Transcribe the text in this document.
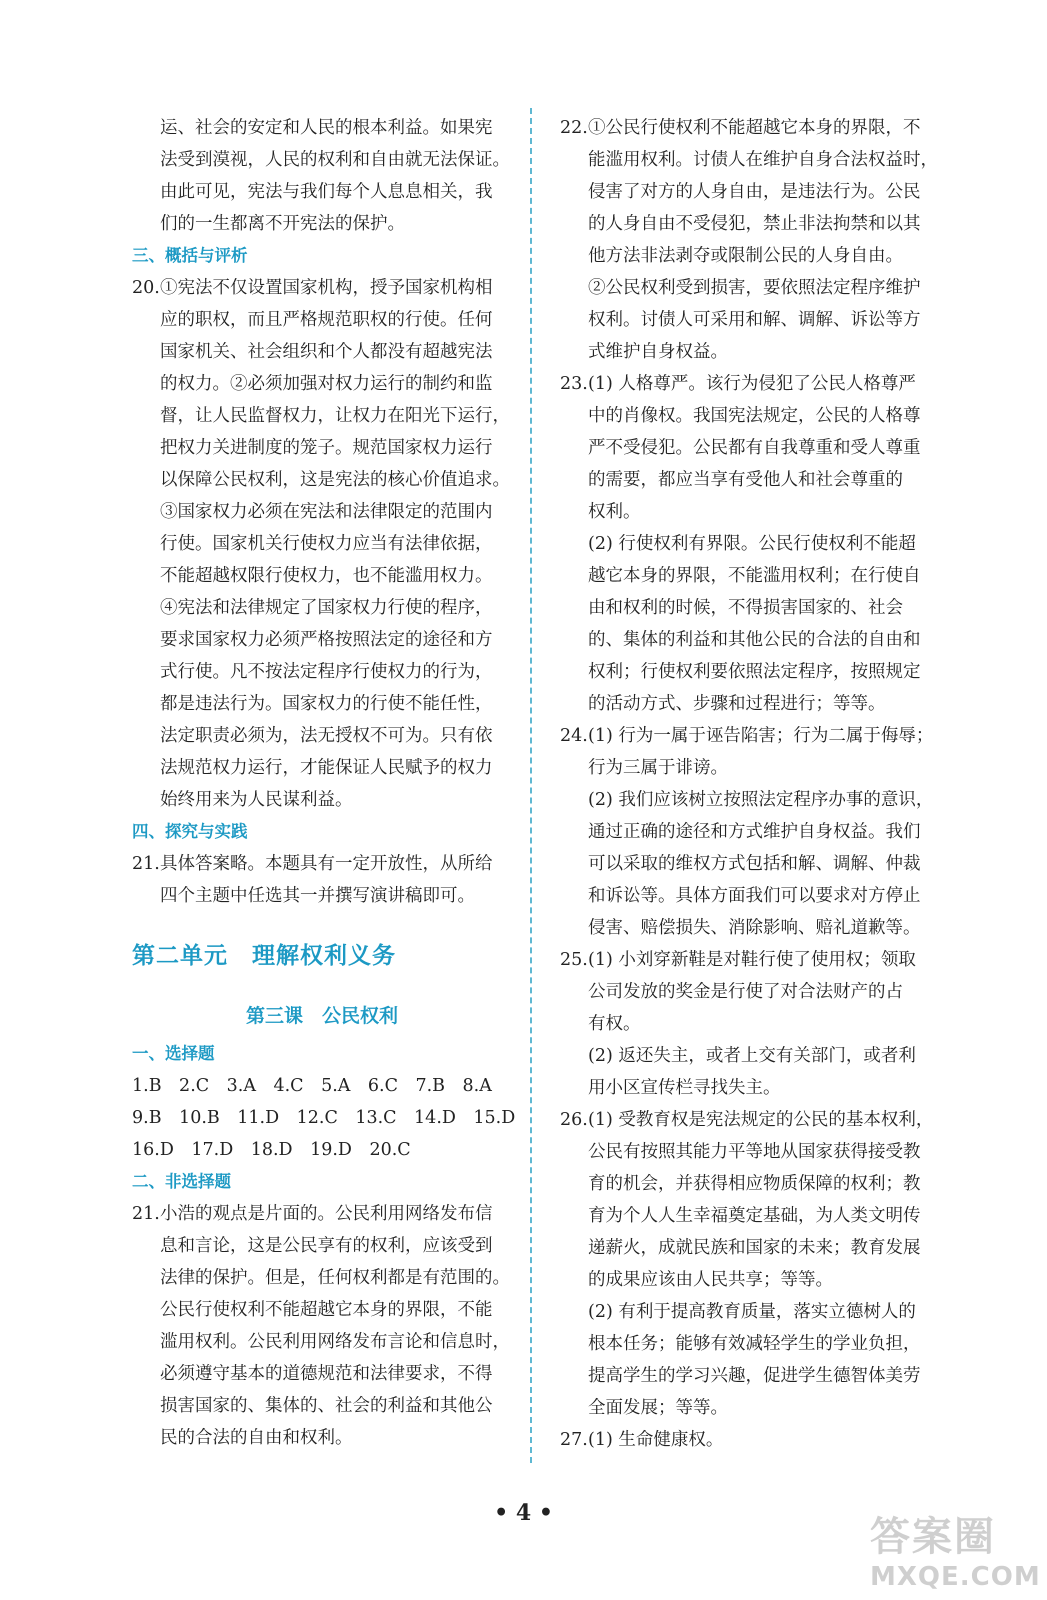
运、社会的安定和人民的根本利益。如果宪
法受到漠视，人民的权利和自由就无法保证。
由此可见，宪法与我们每个人息息相关，我
们的一生都离不开宪法的保护。
三、概括与评析
20.①宪法不仅设置国家机构，授予国家机构相
应的职权，而且严格规范职权的行使。任何
国家机关、社会组织和个人都没有超越宪法
的权力。②必须加强对权力运行的制约和监
督，让人民监督权力，让权力在阳光下运行，
把权力关进制度的笼子。规范国家权力运行
以保障公民权利，这是宪法的核心价值追求。
③国家权力必须在宪法和法律限定的范围内
行使。国家机关行使权力应当有法律依据，
不能超越权限行使权力，也不能滥用权力。
④宪法和法律规定了国家权力行使的程序，
要求国家权力必须严格按照法定的途径和方
式行使。凡不按法定程序行使权力的行为，
都是违法行为。国家权力的行使不能任性，
法定职责必须为，法无授权不可为。只有依
法规范权力运行，才能保证人民赋予的权力
始终用来为人民谋利益。
四、探究与实践
21.具体答案略。本题具有一定开放性，从所给
四个主题中任选其一并撰写演讲稿即可。
第二单元　理解权利义务
第三课　公民权利
一、选择题
1.B　2.C　3.A　4.C　5.A　6.C　7.B　8.A
9.B　10.B　11.D　12.C　13.C　14.D　15.D
16.D　17.D　18.D　19.D　20.C
二、非选择题
21.小浩的观点是片面的。公民利用网络发布信
息和言论，这是公民享有的权利，应该受到
法律的保护。但是，任何权利都是有范围的。
公民行使权利不能超越它本身的界限，不能
滥用权利。公民利用网络发布言论和信息时，
必须遵守基本的道德规范和法律要求，不得
损害国家的、集体的、社会的利益和其他公
民的合法的自由和权利。
22.①公民行使权利不能超越它本身的界限，不
能滥用权利。讨债人在维护自身合法权益时，
侵害了对方的人身自由，是违法行为。公民
的人身自由不受侵犯，禁止非法拘禁和以其
他方法非法剥夺或限制公民的人身自由。
②公民权利受到损害，要依照法定程序维护
权利。讨债人可采用和解、调解、诉讼等方
式维护自身权益。
23.(1) 人格尊严。该行为侵犯了公民人格尊严
中的肖像权。我国宪法规定，公民的人格尊
严不受侵犯。公民都有自我尊重和受人尊重
的需要，都应当享有受他人和社会尊重的
权利。
(2) 行使权利有界限。公民行使权利不能超
越它本身的界限，不能滥用权利；在行使自
由和权利的时候，不得损害国家的、社会
的、集体的利益和其他公民的合法的自由和
权利；行使权利要依照法定程序，按照规定
的活动方式、步骤和过程进行；等等。
24.(1) 行为一属于诬告陷害；行为二属于侮辱；
行为三属于诽谤。
(2) 我们应该树立按照法定程序办事的意识，
通过正确的途径和方式维护自身权益。我们
可以采取的维权方式包括和解、调解、仲裁
和诉讼等。具体方面我们可以要求对方停止
侵害、赔偿损失、消除影响、赔礼道歉等。
25.(1) 小刘穿新鞋是对鞋行使了使用权；领取
公司发放的奖金是行使了对合法财产的占
有权。
(2) 返还失主，或者上交有关部门，或者利
用小区宣传栏寻找失主。
26.(1) 受教育权是宪法规定的公民的基本权利，
公民有按照其能力平等地从国家获得接受教
育的机会，并获得相应物质保障的权利；教
育为个人人生幸福奠定基础，为人类文明传
递薪火，成就民族和国家的未来；教育发展
的成果应该由人民共享；等等。
(2) 有利于提高教育质量，落实立德树人的
根本任务；能够有效减轻学生的学业负担，
提高学生的学习兴趣，促进学生德智体美劳
全面发展；等等。
27.(1) 生命健康权。
• 4 •
答案圈
MXQE.COM
